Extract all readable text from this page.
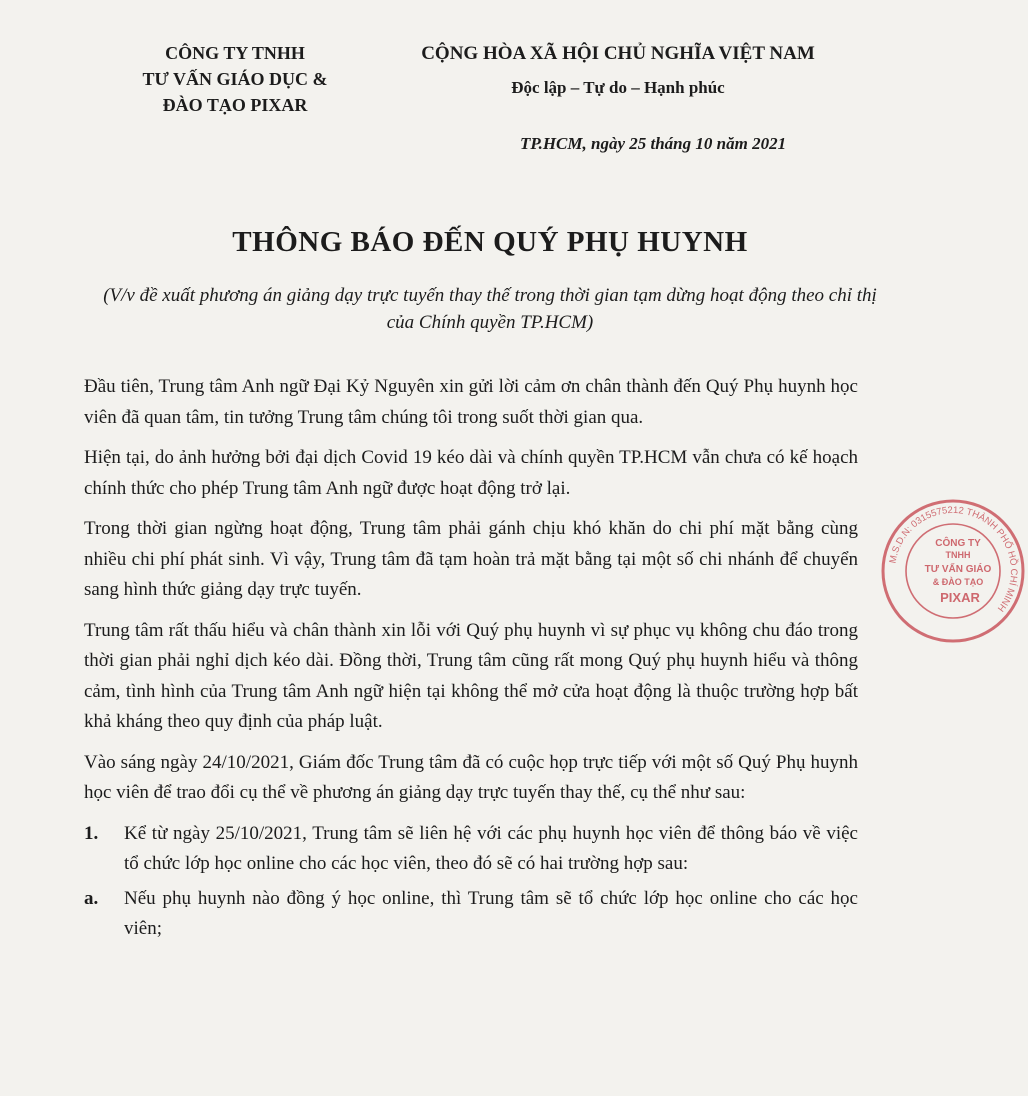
CÔNG TY TNHH
TƯ VẤN GIÁO DỤC &
ĐÀO TẠO PIXAR
CỘNG HÒA XÃ HỘI CHỦ NGHĨA VIỆT NAM
Độc lập – Tự do – Hạnh phúc
TP.HCM, ngày 25 tháng 10 năm 2021
THÔNG BÁO ĐẾN QUÝ PHỤ HUYNH
(V/v đề xuất phương án giảng dạy trực tuyến thay thế trong thời gian tạm dừng hoạt động theo chỉ thị của Chính quyền TP.HCM)

Đầu tiên, Trung tâm Anh ngữ Đại Kỷ Nguyên xin gửi lời cảm ơn chân thành đến Quý Phụ huynh học viên đã quan tâm, tin tưởng Trung tâm chúng tôi trong suốt thời gian qua.

Hiện tại, do ảnh hưởng bởi đại dịch Covid 19 kéo dài và chính quyền TP.HCM vẫn chưa có kế hoạch chính thức cho phép Trung tâm Anh ngữ được hoạt động trở lại.

Trong thời gian ngừng hoạt động, Trung tâm phải gánh chịu khó khăn do chi phí mặt bằng cùng nhiều chi phí phát sinh. Vì vậy, Trung tâm đã tạm hoàn trả mặt bằng tại một số chi nhánh để chuyển sang hình thức giảng dạy trực tuyến.

Trung tâm rất thấu hiểu và chân thành xin lỗi với Quý phụ huynh vì sự phục vụ không chu đáo trong thời gian phải nghỉ dịch kéo dài. Đồng thời, Trung tâm cũng rất mong Quý phụ huynh hiểu và thông cảm, tình hình của Trung tâm Anh ngữ hiện tại không thể mở cửa hoạt động là thuộc trường hợp bất khả kháng theo quy định của pháp luật.

Vào sáng ngày 24/10/2021, Giám đốc Trung tâm đã có cuộc họp trực tiếp với một số Quý Phụ huynh học viên để trao đổi cụ thể về phương án giảng dạy trực tuyến thay thế, cụ thể như sau:

1.	Kể từ ngày 25/10/2021, Trung tâm sẽ liên hệ với các phụ huynh học viên để thông báo về việc tổ chức lớp học online cho các học viên, theo đó sẽ có hai trường hợp sau:
a.	Nếu phụ huynh nào đồng ý học online, thì Trung tâm sẽ tổ chức lớp học online cho các học viên;
M.S.D.N: 0315575212 THÀNH PHỐ HỒ CHÍ MINH
CÔNG TY
TNHH
TƯ VẤN GIÁO
& ĐÀO TẠO
PIXAR
